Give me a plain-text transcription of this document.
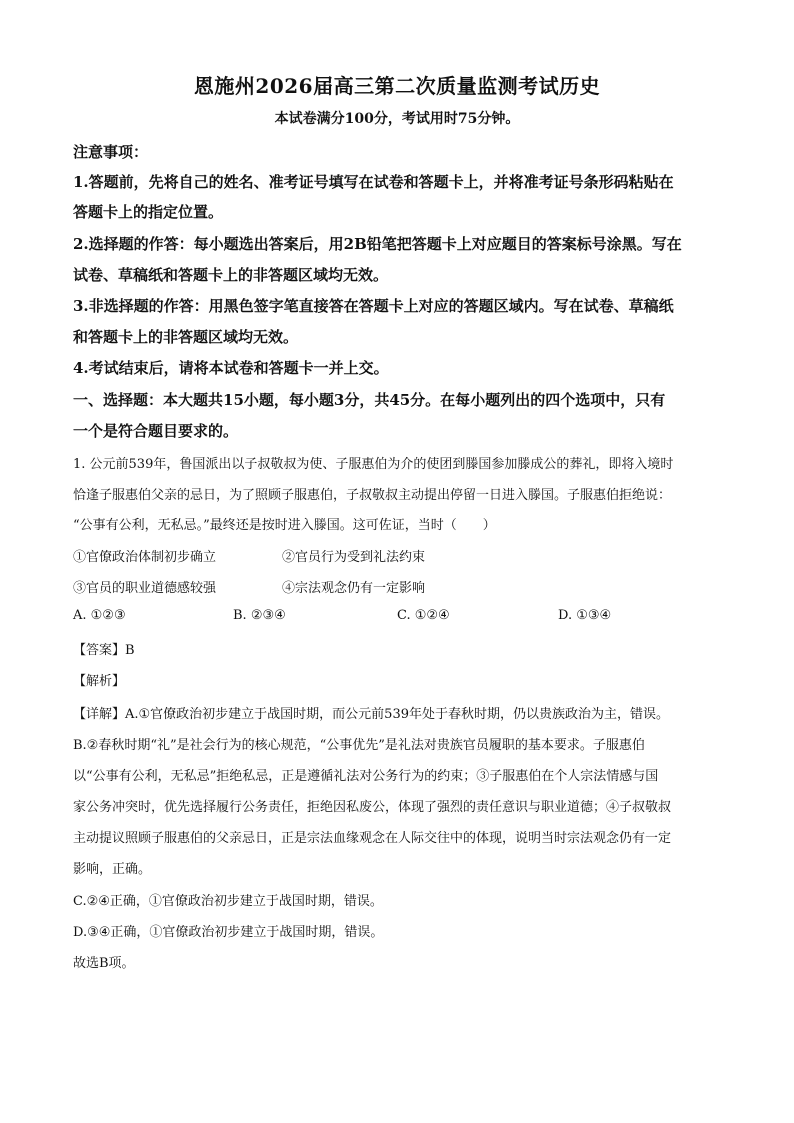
恩施州2026届高三第二次质量监测考试历史
本试卷满分100分，考试用时75分钟。
注意事项：
1.答题前，先将自己的姓名、准考证号填写在试卷和答题卡上，并将准考证号条形码粘贴在
答题卡上的指定位置。
2.选择题的作答：每小题选出答案后，用2B铅笔把答题卡上对应题目的答案标号涂黑。写在
试卷、草稿纸和答题卡上的非答题区域均无效。
3.非选择题的作答：用黑色签字笔直接答在答题卡上对应的答题区域内。写在试卷、草稿纸
和答题卡上的非答题区域均无效。
4.考试结束后，请将本试卷和答题卡一并上交。
一、选择题：本大题共15小题，每小题3分，共45分。在每小题列出的四个选项中，只有
一个是符合题目要求的。
1. 公元前539年，鲁国派出以子叔敬叔为使、子服惠伯为介的使团到滕国参加滕成公的葬礼，即将入境时
恰逢子服惠伯父亲的忌日，为了照顾子服惠伯，子叔敬叔主动提出停留一日进入滕国。子服惠伯拒绝说：
“公事有公利，无私忌。”最终还是按时进入滕国。这可佐证，当时（　　）
①官僚政治体制初步确立	②官员行为受到礼法约束
③官员的职业道德感较强	④宗法观念仍有一定影响
A. ①②③	B. ②③④	C. ①②④	D. ①③④
【答案】B
【解析】
【详解】A.①官僚政治初步建立于战国时期，而公元前539年处于春秋时期，仍以贵族政治为主，错误。
B.②春秋时期“礼”是社会行为的核心规范，“公事优先”是礼法对贵族官员履职的基本要求。子服惠伯
以“公事有公利，无私忌”拒绝私忌，正是遵循礼法对公务行为的约束；③子服惠伯在个人宗法情感与国
家公务冲突时，优先选择履行公务责任，拒绝因私废公，体现了强烈的责任意识与职业道德；④子叔敬叔
主动提议照顾子服惠伯的父亲忌日，正是宗法血缘观念在人际交往中的体现，说明当时宗法观念仍有一定
影响，正确。
C.②④正确，①官僚政治初步建立于战国时期，错误。
D.③④正确，①官僚政治初步建立于战国时期，错误。
故选B项。
